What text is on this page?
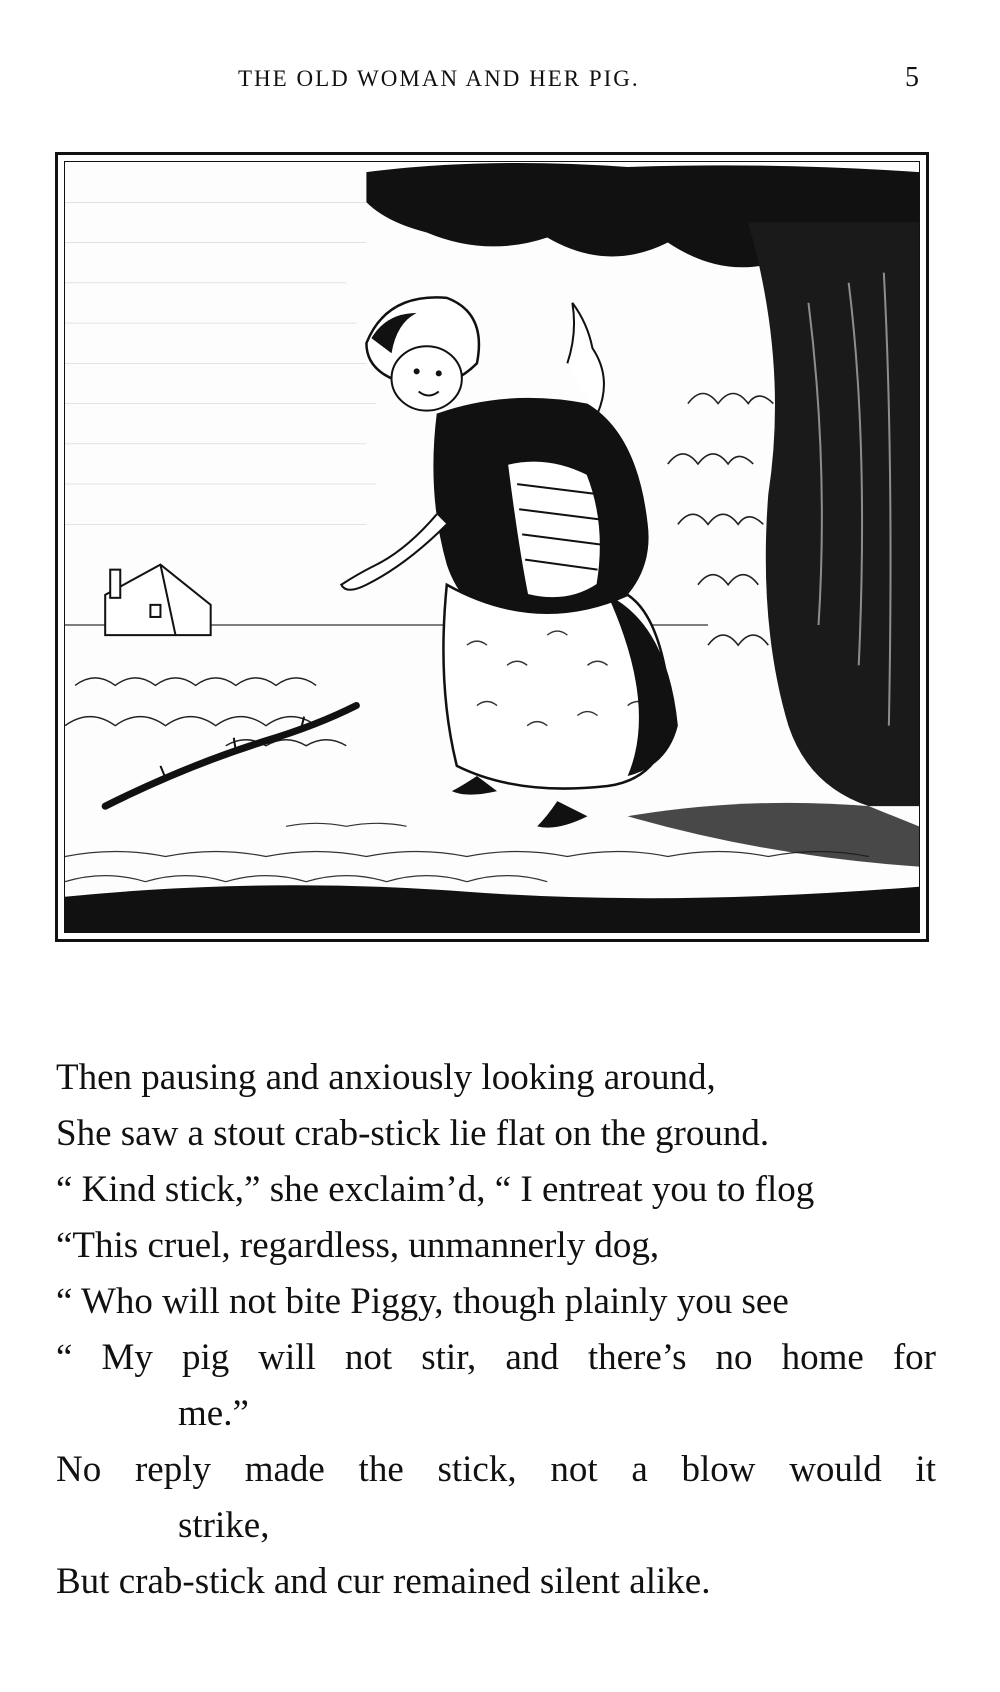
THE OLD WOMAN AND HER PIG.	5
Then pausing and anxiously looking around,
She saw a stout crab-stick lie flat on the ground.
“ Kind stick,” she exclaim’d, “ I entreat you to flog
“This cruel, regardless, unmannerly dog,
“ Who will not bite Piggy, though plainly you see
“ My pig will not stir, and there’s no home for
me.”
No reply made the stick, not a blow would it
strike,
But crab-stick and cur remained silent alike.
